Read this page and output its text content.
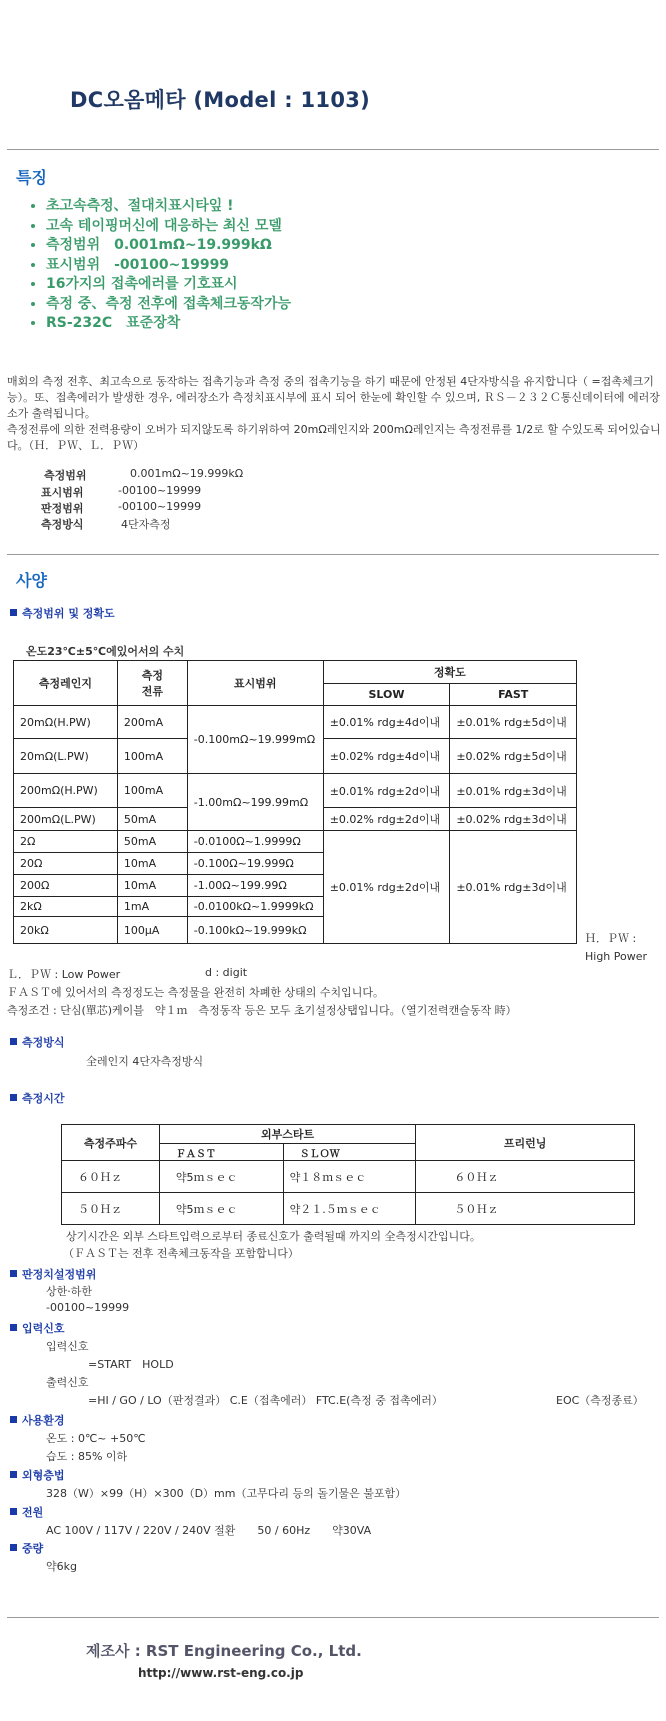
DC오옴메타 (Model : 1103)
특징
• 초고속측정、절대치표시타잎 !
• 고속 테이핑머신에 대응하는 최신 모델
• 측정범위　0.001mΩ~19.999kΩ
• 표시범위　-00100~19999
• 16가지의 접촉에러를 기호표시
• 측정 중、측정 전후에 접촉체크동작가능
• RS-232C　표준장착
매회의 측정 전후、최고속으로 동작하는 접촉기능과 측정 중의 접촉기능을 하기 때문에 안정된 4단자방식을 유지합니다（ =접촉체크기능）。또、접촉에러가 발생한 경우, 에러장소가 측정치표시부에 표시 되어 한눈에 확인할 수 있으며, ＲＳ－２３２Ｃ통신데이터에 에러장소가 출력됩니다。
측정전류에 의한 전력용량이 오버가 되지않도록 하기위하여 20mΩ레인지와 200mΩ레인지는 측정전류를 1/2로 할 수있도록 되어있습니다。（Ｈ．ＰＷ、Ｌ．ＰＷ）
측정범위	0.001mΩ~19.999kΩ
표시범위	-00100~19999
판정범위	-00100~19999
측정방식	4단자측정
사양
측정범위 및 정확도
온도23℃±5℃에있어서의 수치
측정레인지	측정
전류	표시범위	정확도	
			SLOW	FAST
20mΩ(H.PW)	200mA	-0.100mΩ~19.999mΩ	±0.01% rdg±4d이내	±0.01% rdg±5d이내
20mΩ(L.PW)	100mA		±0.02% rdg±4d이내	±0.02% rdg±5d이내
200mΩ(H.PW)	100mA	-1.00mΩ~199.99mΩ	±0.01% rdg±2d이내	±0.01% rdg±3d이내
200mΩ(L.PW)	50mA		±0.02% rdg±2d이내	±0.02% rdg±3d이내
2Ω	50mA	-0.0100Ω~1.9999Ω	±0.01% rdg±2d이내	±0.01% rdg±3d이내
20Ω	10mA	-0.100Ω~19.999Ω		
200Ω	10mA	-1.00Ω~199.99Ω		
2kΩ	1mA	-0.0100kΩ~1.9999kΩ		
20kΩ	100μA	-0.100kΩ~19.999kΩ		
Ｈ．ＰＷ : High Power
Ｌ．ＰＷ : Low Power	d : digit
ＦＡＳＴ에 있어서의 측정정도는 측정물을 완전히 차폐한 상태의 수치입니다。
측정조건 : 단심(單芯)케이블　약１ｍ　측정동작 등은 모두 초기설정상탭입니다。（열기전력캔슬동작 時）
측정방식
全레인지 4단자측정방식
측정시간
측정주파수	외부스타트		프리런닝
	ＦＡＳＴ	ＳＬＯＷ	
６０Ｈｚ	약5ｍｓｅｃ	약１８ｍｓｅｃ	６０Ｈｚ
５０Ｈｚ	약5ｍｓｅｃ	약２１.５ｍｓｅｃ	５０Ｈｚ
상기시간은 외부 스타트입력으로부터 종료신호가 출력될때 까지의 全측정시간입니다。
（ＦＡＳＴ는 전후 전촉체크동작을 포함합니다）
판정치설정범위
상한·하한
-00100~19999
입력신호
입력신호
=START　HOLD
출력신호
=HI / GO / LO（판정결과） C.E（접촉에러） FTC.E(측정 중 접촉에러）	EOC（측정종료）
사용환경
온도 : 0℃~ +50℃
습도 : 85% 이하
외형층법
328（W）×99（H）×300（D）mm（고무다리 등의 돌기물은 불포함）
전원
AC 100V / 117V / 220V / 240V 절환　　50 / 60Hz　　약30VA
중량
약6kg
제조사 : RST Engineering Co., Ltd.
http://www.rst-eng.co.jp
